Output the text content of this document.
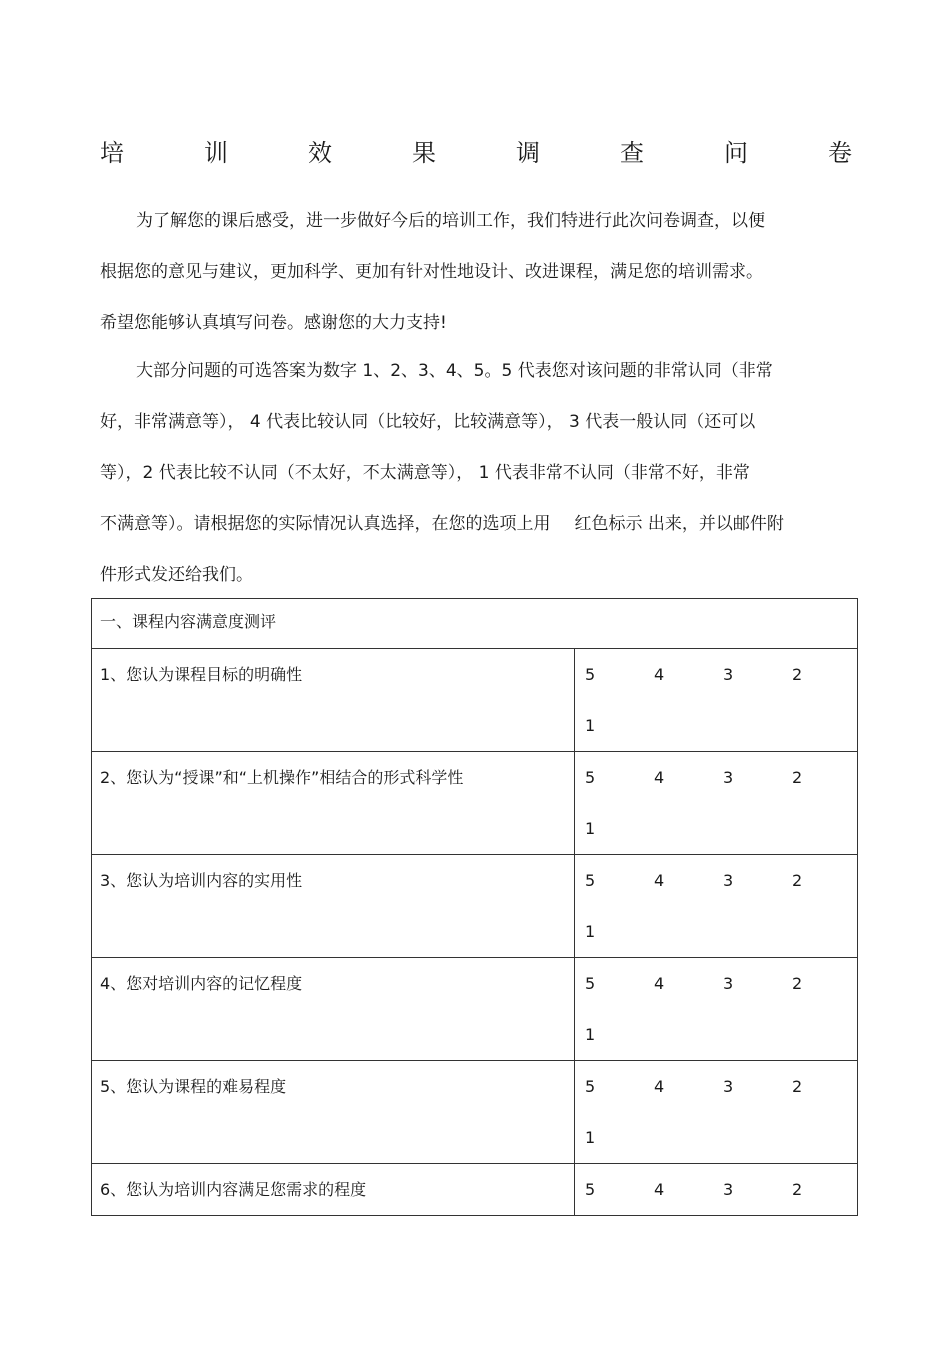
培	训	效	果	调	查	问	卷
为了解您的课后感受，进一步做好今后的培训工作，我们特进行此次问卷调查，以便
根据您的意见与建议，更加科学、更加有针对性地设计、改进课程，满足您的培训需求。
希望您能够认真填写问卷。感谢您的大力支持!
大部分问题的可选答案为数字 1、2、3、4、5。5 代表您对该问题的非常认同（非常
好，非常满意等）， 4 代表比较认同（比较好，比较满意等）， 3 代表一般认同（还可以
等），2 代表比较不认同（不太好，不太满意等）， 1 代表非常不认同（非常不好，非常
不满意等）。请根据您的实际情况认真选择，在您的选项上用 红色标示 出来，并以邮件附
件形式发还给我们。
一、课程内容满意度测评	
1、您认为课程目标的明确性	5 4 3 2
1

2、您认为“授课”和“上机操作”相结合的形式科学性	5 4 3 2
1

3、您认为培训内容的实用性	5 4 3 2
1

4、您对培训内容的记忆程度	5 4 3 2
1

5、您认为课程的难易程度	5 4 3 2
1

6、您认为培训内容满足您需求的程度	5 4 3 2
